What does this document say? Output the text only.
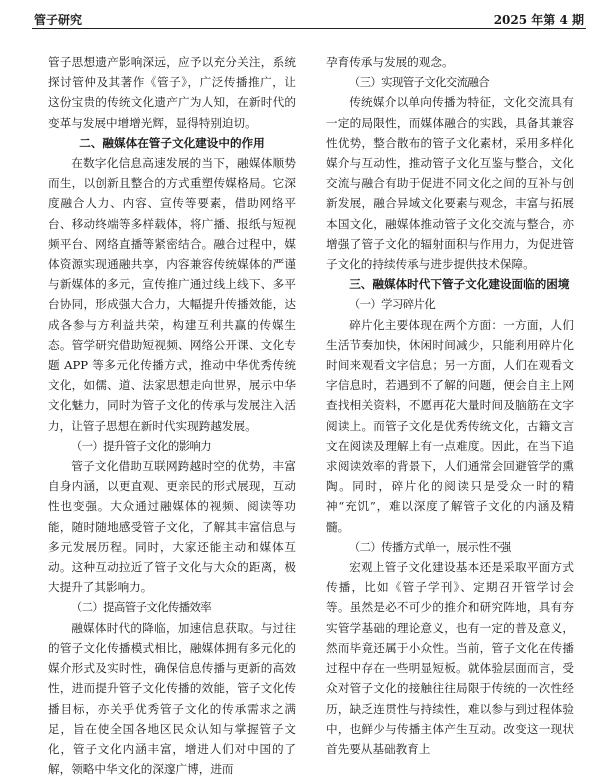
管子研究	2025 年第 4 期

管子思想遗产影响深远，应予以充分关注，系统探讨管仲及其著作《管子》，广泛传播推广，让这份宝贵的传统文化遗产广为人知，在新时代的变革与发展中增增光辉，显得特别迫切。

二、融媒体在管子文化建设中的作用

在数字化信息高速发展的当下，融媒体顺势而生，以创新且整合的方式重塑传媒格局。它深度融合人力、内容、宣传等要素，借助网络平台、移动终端等多样载体，将广播、报纸与短视频平台、网络直播等紧密结合。融合过程中，媒体资源实现通融共享，内容兼容传统媒体的严谨与新媒体的多元，宣传推广通过线上线下、多平台协同，形成强大合力，大幅提升传播效能，达成各参与方利益共荣，构建互利共赢的传媒生态。管学研究借助短视频、网络公开课、文化专题 APP 等多元化传播方式，推动中华优秀传统文化，如儒、道、法家思想走向世界，展示中华文化魅力，同时为管子文化的传承与发展注入活力，让管子思想在新时代实现跨越发展。

（一）提升管子文化的影响力

管子文化借助互联网跨越时空的优势，丰富自身内涵，以更直观、更亲民的形式展现，互动性也变强。大众通过融媒体的视频、阅读等功能，随时随地感受管子文化，了解其丰富信息与多元发展历程。同时，大家还能主动和媒体互动。这种互动拉近了管子文化与大众的距离，极大提升了其影响力。

（二）提高管子文化传播效率

融媒体时代的降临，加速信息获取。与过往的管子文化传播模式相比，融媒体拥有多元化的媒介形式及实时性，确保信息传播与更新的高效性，进而提升管子文化传播的效能，管子文化传播目标，亦关乎优秀管子文化的传承需求之满足，旨在使全国各地区民众认知与掌握管子文化，管子文化内涵丰富，增进人们对中国的了解，领略中华文化的深邃广博，进而

孕育传承与发展的观念。

（三）实现管子文化交流融合

传统媒介以单向传播为特征，文化交流具有一定的局限性，而媒体融合的实践，具备其兼容性优势，整合散布的管子文化素材，采用多样化媒介与互动性，推动管子文化互鉴与整合，文化交流与融合有助于促进不同文化之间的互补与创新发展，融合异域文化要素与观念，丰富与拓展本国文化，融媒体推动管子文化交流与整合，亦增强了管子文化的辐射面积与作用力，为促进管子文化的持续传承与进步提供技术保障。

三、融媒体时代下管子文化建设面临的困境
（一）学习碎片化

碎片化主要体现在两个方面：一方面，人们生活节奏加快，休闲时间减少，只能利用碎片化时间来观看文字信息；另一方面，人们在观看文字信息时，若遇到不了解的问题，便会自主上网查找相关资料，不愿再花大量时间及脑筋在文字阅读上。而管子文化是优秀传统文化，古籍文言文在阅读及理解上有一点难度。因此，在当下追求阅读效率的背景下，人们通常会回避管学的熏陶。同时，碎片化的阅读只是受众一时的精神“充饥”，难以深度了解管子文化的内涵及精髓。

（二）传播方式单一，展示性不强

宏观上管子文化建设基本还是采取平面方式传播，比如《管子学刊》、定期召开管学讨会等。虽然是必不可少的推介和研究阵地，具有夯实管学基础的理论意义，也有一定的普及意义，然而毕竟还属于小众性。当前，管子文化在传播过程中存在一些明显短板。就体验层面而言，受众对管子文化的接触往往局限于传统的一次性经历，缺乏连贯性与持续性，难以参与到过程体验中，也鲜少与传播主体产生互动。改变这一现状首先要从基础教育上
